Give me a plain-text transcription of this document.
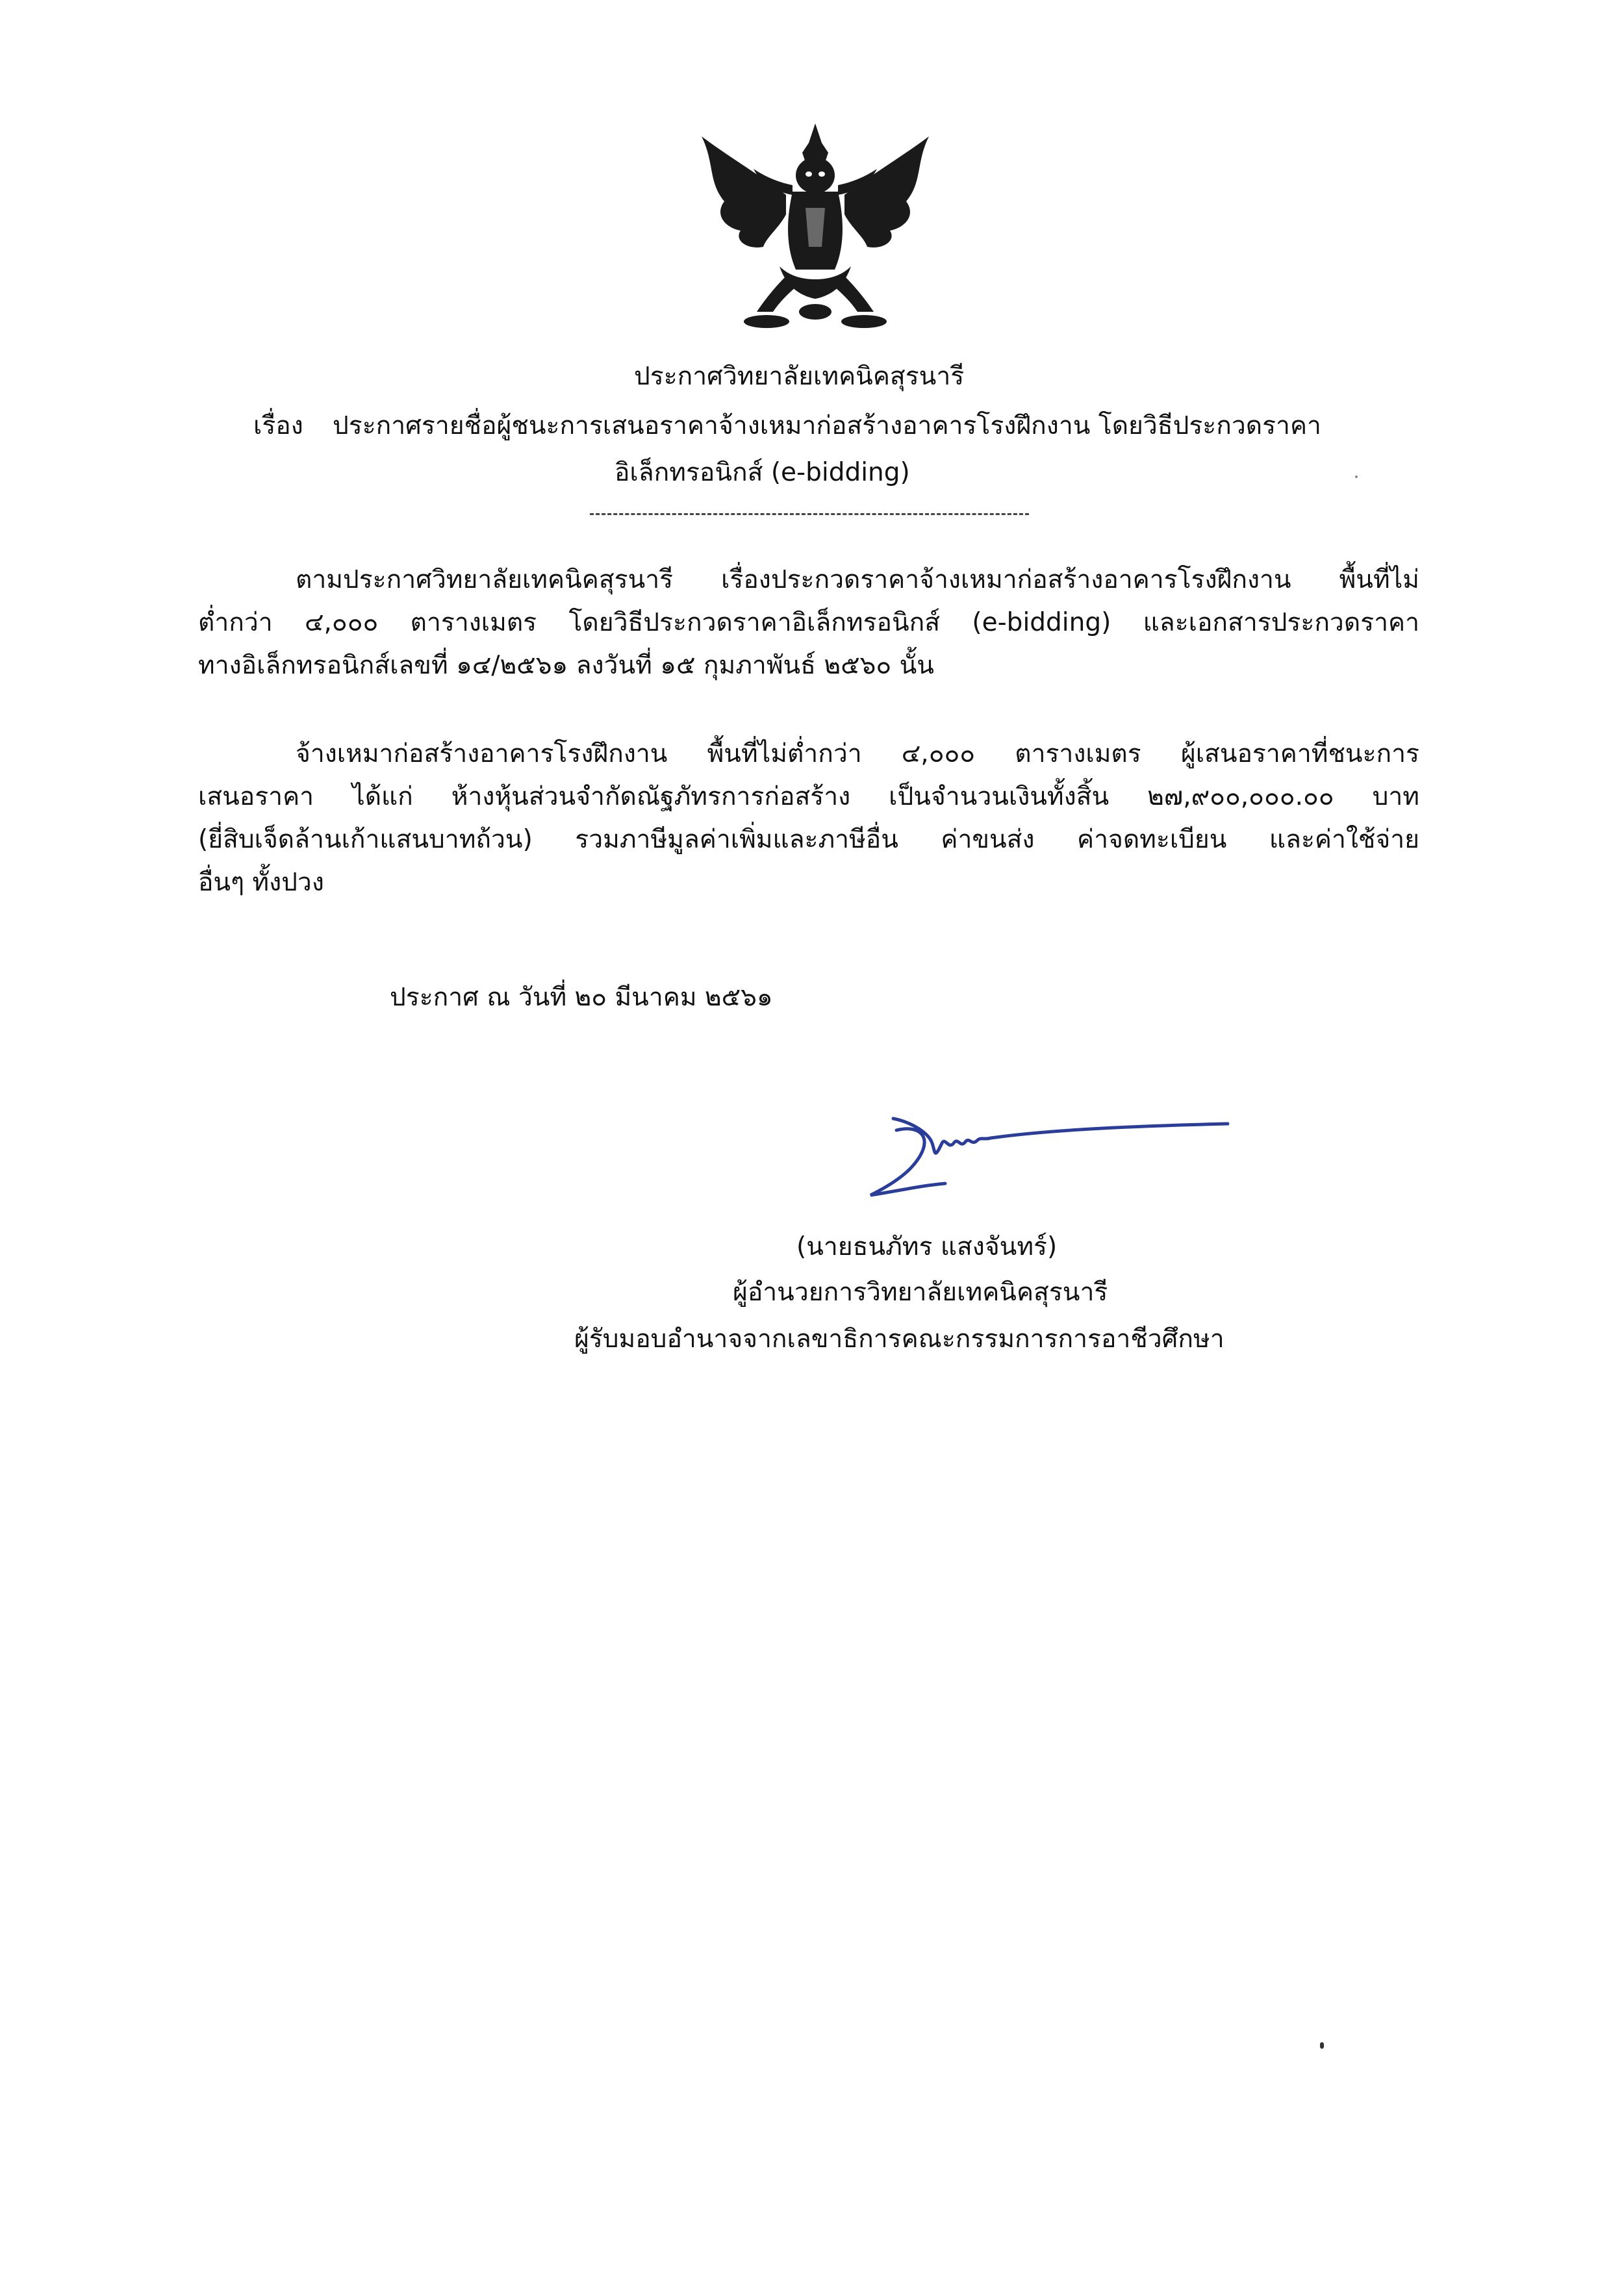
ประกาศวิทยาลัยเทคนิคสุรนารี
เรื่อง ประกาศรายชื่อผู้ชนะการเสนอราคาจ้างเหมาก่อสร้างอาคารโรงฝึกงาน โดยวิธีประกวดราคา
อิเล็กทรอนิกส์ (e-bidding)
ตามประกาศวิทยาลัยเทคนิคสุรนารี เรื่องประกวดราคาจ้างเหมาก่อสร้างอาคารโรงฝึกงาน พื้นที่ไม่
ต่ำกว่า ๔,๐๐๐ ตารางเมตร โดยวิธีประกวดราคาอิเล็กทรอนิกส์ (e-bidding) และเอกสารประกวดราคา
ทางอิเล็กทรอนิกส์เลขที่ ๑๔/๒๕๖๑ ลงวันที่ ๑๕ กุมภาพันธ์ ๒๕๖๐ นั้น
จ้างเหมาก่อสร้างอาคารโรงฝึกงาน พื้นที่ไม่ต่ำกว่า ๔,๐๐๐ ตารางเมตร ผู้เสนอราคาที่ชนะการ
เสนอราคา ได้แก่ ห้างหุ้นส่วนจำกัดณัฐภัทรการก่อสร้าง เป็นจำนวนเงินทั้งสิ้น ๒๗,๙๐๐,๐๐๐.๐๐ บาท
(ยี่สิบเจ็ดล้านเก้าแสนบาทถ้วน) รวมภาษีมูลค่าเพิ่มและภาษีอื่น ค่าขนส่ง ค่าจดทะเบียน และค่าใช้จ่าย
อื่นๆ ทั้งปวง
ประกาศ ณ วันที่ ๒๐ มีนาคม ๒๕๖๑
(นายธนภัทร แสงจันทร์)
ผู้อำนวยการวิทยาลัยเทคนิคสุรนารี
ผู้รับมอบอำนาจจากเลขาธิการคณะกรรมการการอาชีวศึกษา
